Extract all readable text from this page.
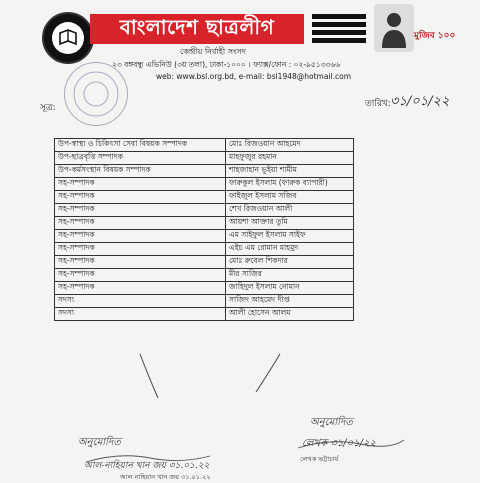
বাংলাদেশ ছাত্রলীগ
কেন্দ্রীয় নির্বাহী সংসদ
মুজিব ১০০
২৩ বঙ্গবন্ধু এভিনিউ (৩য় তলা), ঢাকা-১০০০ । ফ্যাক্স/ফোন : ০২-৯৫১৩৩৬৬
web: www.bsl.org.bd, e-mail: bsl1948@hotmail.com
সূত্র:	তারিখ: ৩১/০১/২২
উপ-স্বাস্থ্য ও চিকিৎসা সেবা বিষয়ক সম্পাদক	মোঃ রিজওয়ান আহমেদ
উপ-ছাত্রবৃত্তি সম্পাদক	মাহফুজুর রহমান
উপ-কর্মসংস্থান বিষয়ক সম্পাদক	শাহজাহান ভূইয়া শামীম
সহ-সম্পাদক	ফারুকুল ইসলাম (ফারুক ব্যাপারী)
সহ-সম্পাদক	ফাইজুল ইসলাম সজিব
সহ-সম্পাদক	শেখ রিজওয়ান আলী
সহ-সম্পাদক	আয়শা আক্তার তুমি
সহ-সম্পাদক	এম সাইফুল ইসলাম সাইফ
সহ-সম্পাদক	এইচ এম রোমান মাহমুদ
সহ-সম্পাদক	মোঃ রুবেল শিকদার
সহ-সম্পাদক	মীর সাজির
সহ-সম্পাদক	জাহিদুল ইসলাম নোমান
সদস্য	সাজিদ আহমেদ দীপ্ত
সদস্য	আলী হোসেন আলম
অনুমোদিত
আল-নাহিয়ান খান জয় ৩১.০১.২২
আল নাহিয়ান খান জয় ৩১.০১.২২
অনুমোদিত
লেখক ৩১/০১/২২
লেখক ভট্টাচার্য
